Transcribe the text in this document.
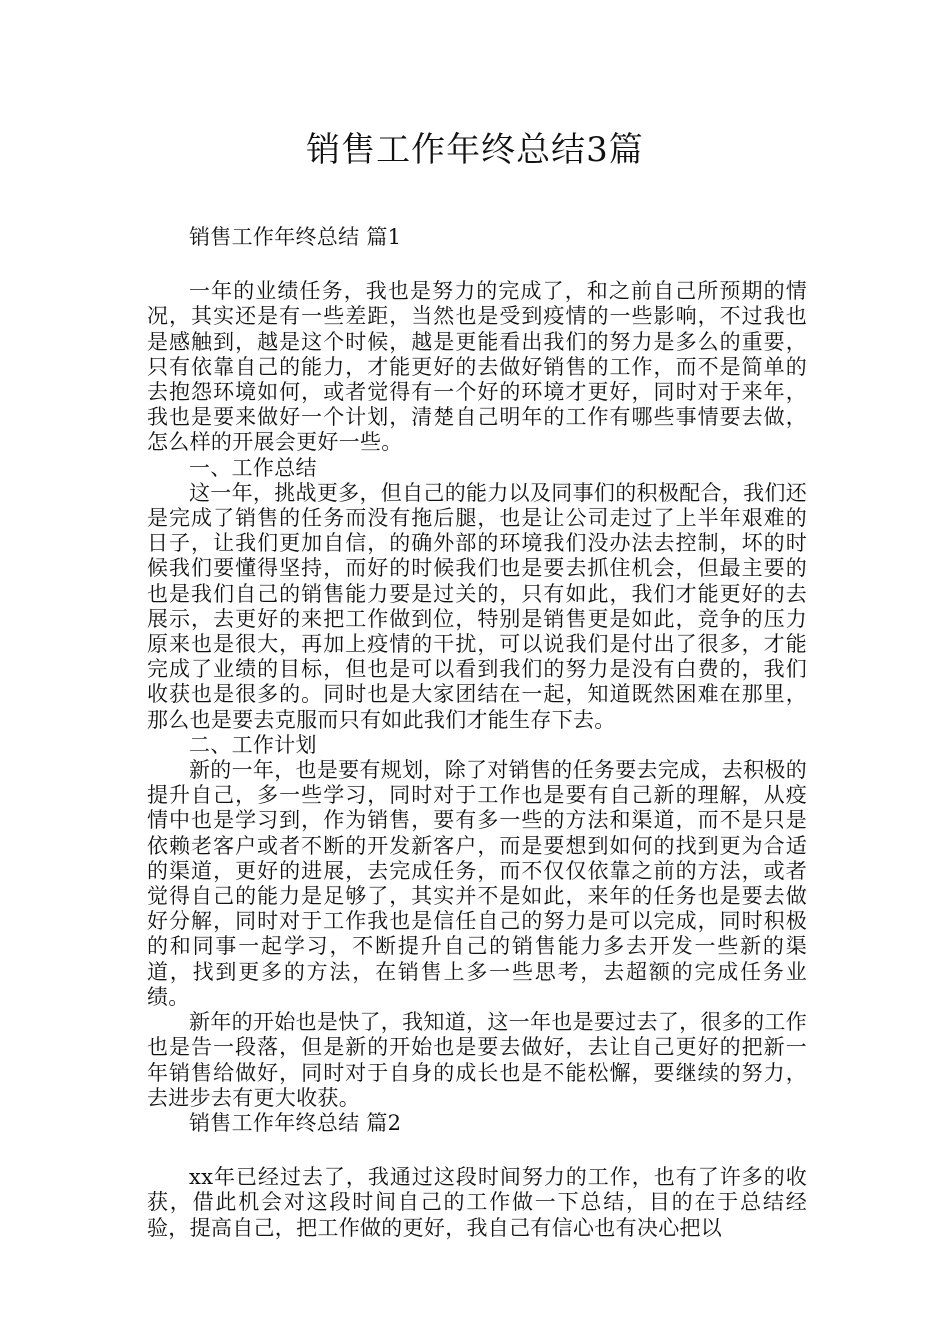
销售工作年终总结3篇

销售工作年终总结 篇1

一年的业绩任务，我也是努力的完成了，和之前自己所预期的情况，其实还是有一些差距，当然也是受到疫情的一些影响，不过我也是感触到，越是这个时候，越是更能看出我们的努力是多么的重要，只有依靠自己的能力，才能更好的去做好销售的工作，而不是简单的去抱怨环境如何，或者觉得有一个好的环境才更好，同时对于来年，我也是要来做好一个计划，清楚自己明年的工作有哪些事情要去做，怎么样的开展会更好一些。

一、工作总结

这一年，挑战更多，但自己的能力以及同事们的积极配合，我们还是完成了销售的任务而没有拖后腿，也是让公司走过了上半年艰难的日子，让我们更加自信，的确外部的环境我们没办法去控制，坏的时候我们要懂得坚持，而好的时候我们也是要去抓住机会，但最主要的也是我们自己的销售能力要是过关的，只有如此，我们才能更好的去展示，去更好的来把工作做到位，特别是销售更是如此，竞争的压力原来也是很大，再加上疫情的干扰，可以说我们是付出了很多，才能完成了业绩的目标，但也是可以看到我们的努力是没有白费的，我们收获也是很多的。同时也是大家团结在一起，知道既然困难在那里，那么也是要去克服而只有如此我们才能生存下去。

二、工作计划

新的一年，也是要有规划，除了对销售的任务要去完成，去积极的提升自己，多一些学习，同时对于工作也是要有自己新的理解，从疫情中也是学习到，作为销售，要有多一些的方法和渠道，而不是只是依赖老客户或者不断的开发新客户，而是要想到如何的找到更为合适的渠道，更好的进展，去完成任务，而不仅仅依靠之前的方法，或者觉得自己的能力是足够了，其实并不是如此，来年的任务也是要去做好分解，同时对于工作我也是信任自己的努力是可以完成，同时积极的和同事一起学习，不断提升自己的销售能力多去开发一些新的渠道，找到更多的方法，在销售上多一些思考，去超额的完成任务业绩。

新年的开始也是快了，我知道，这一年也是要过去了，很多的工作也是告一段落，但是新的开始也是要去做好，去让自己更好的把新一年销售给做好，同时对于自身的成长也是不能松懈，要继续的努力，去进步去有更大收获。

销售工作年终总结 篇2

xx年已经过去了，我通过这段时间努力的工作，也有了许多的收获，借此机会对这段时间自己的工作做一下总结，目的在于总结经验，提高自己，把工作做的更好，我自己有信心也有决心把以
